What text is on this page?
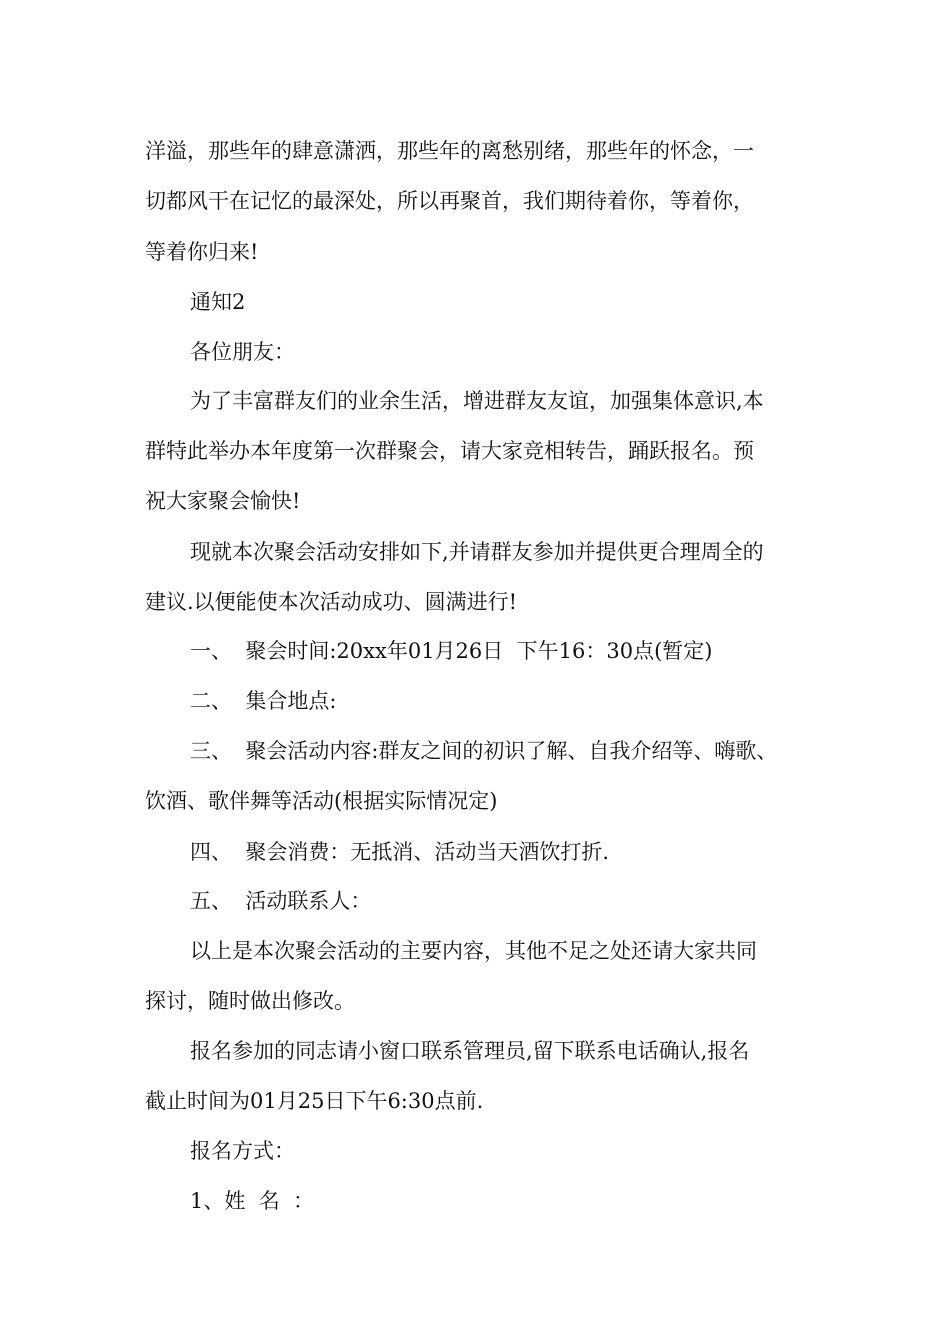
洋溢，那些年的肆意潇洒，那些年的离愁别绪，那些年的怀念，一

切都风干在记忆的最深处，所以再聚首，我们期待着你，等着你，

等着你归来!

通知2

各位朋友：

为了丰富群友们的业余生活，增进群友友谊，加强集体意识,本

群特此举办本年度第一次群聚会，请大家竞相转告，踊跃报名。预

祝大家聚会愉快!

现就本次聚会活动安排如下,并请群友参加并提供更合理周全的

建议.以便能使本次活动成功、圆满进行!

一、  聚会时间:20xx年01月26日  下午16：30点(暂定)

二、  集合地点:

三、  聚会活动内容:群友之间的初识了解、自我介绍等、嗨歌、

饮酒、歌伴舞等活动(根据实际情况定)

四、  聚会消费：无抵消、活动当天酒饮打折.

五、  活动联系人：

以上是本次聚会活动的主要内容，其他不足之处还请大家共同

探讨，随时做出修改。

报名参加的同志请小窗口联系管理员,留下联系电话确认,报名

截止时间为01月25日下午6:30点前.

报名方式：

1、姓  名  ：
